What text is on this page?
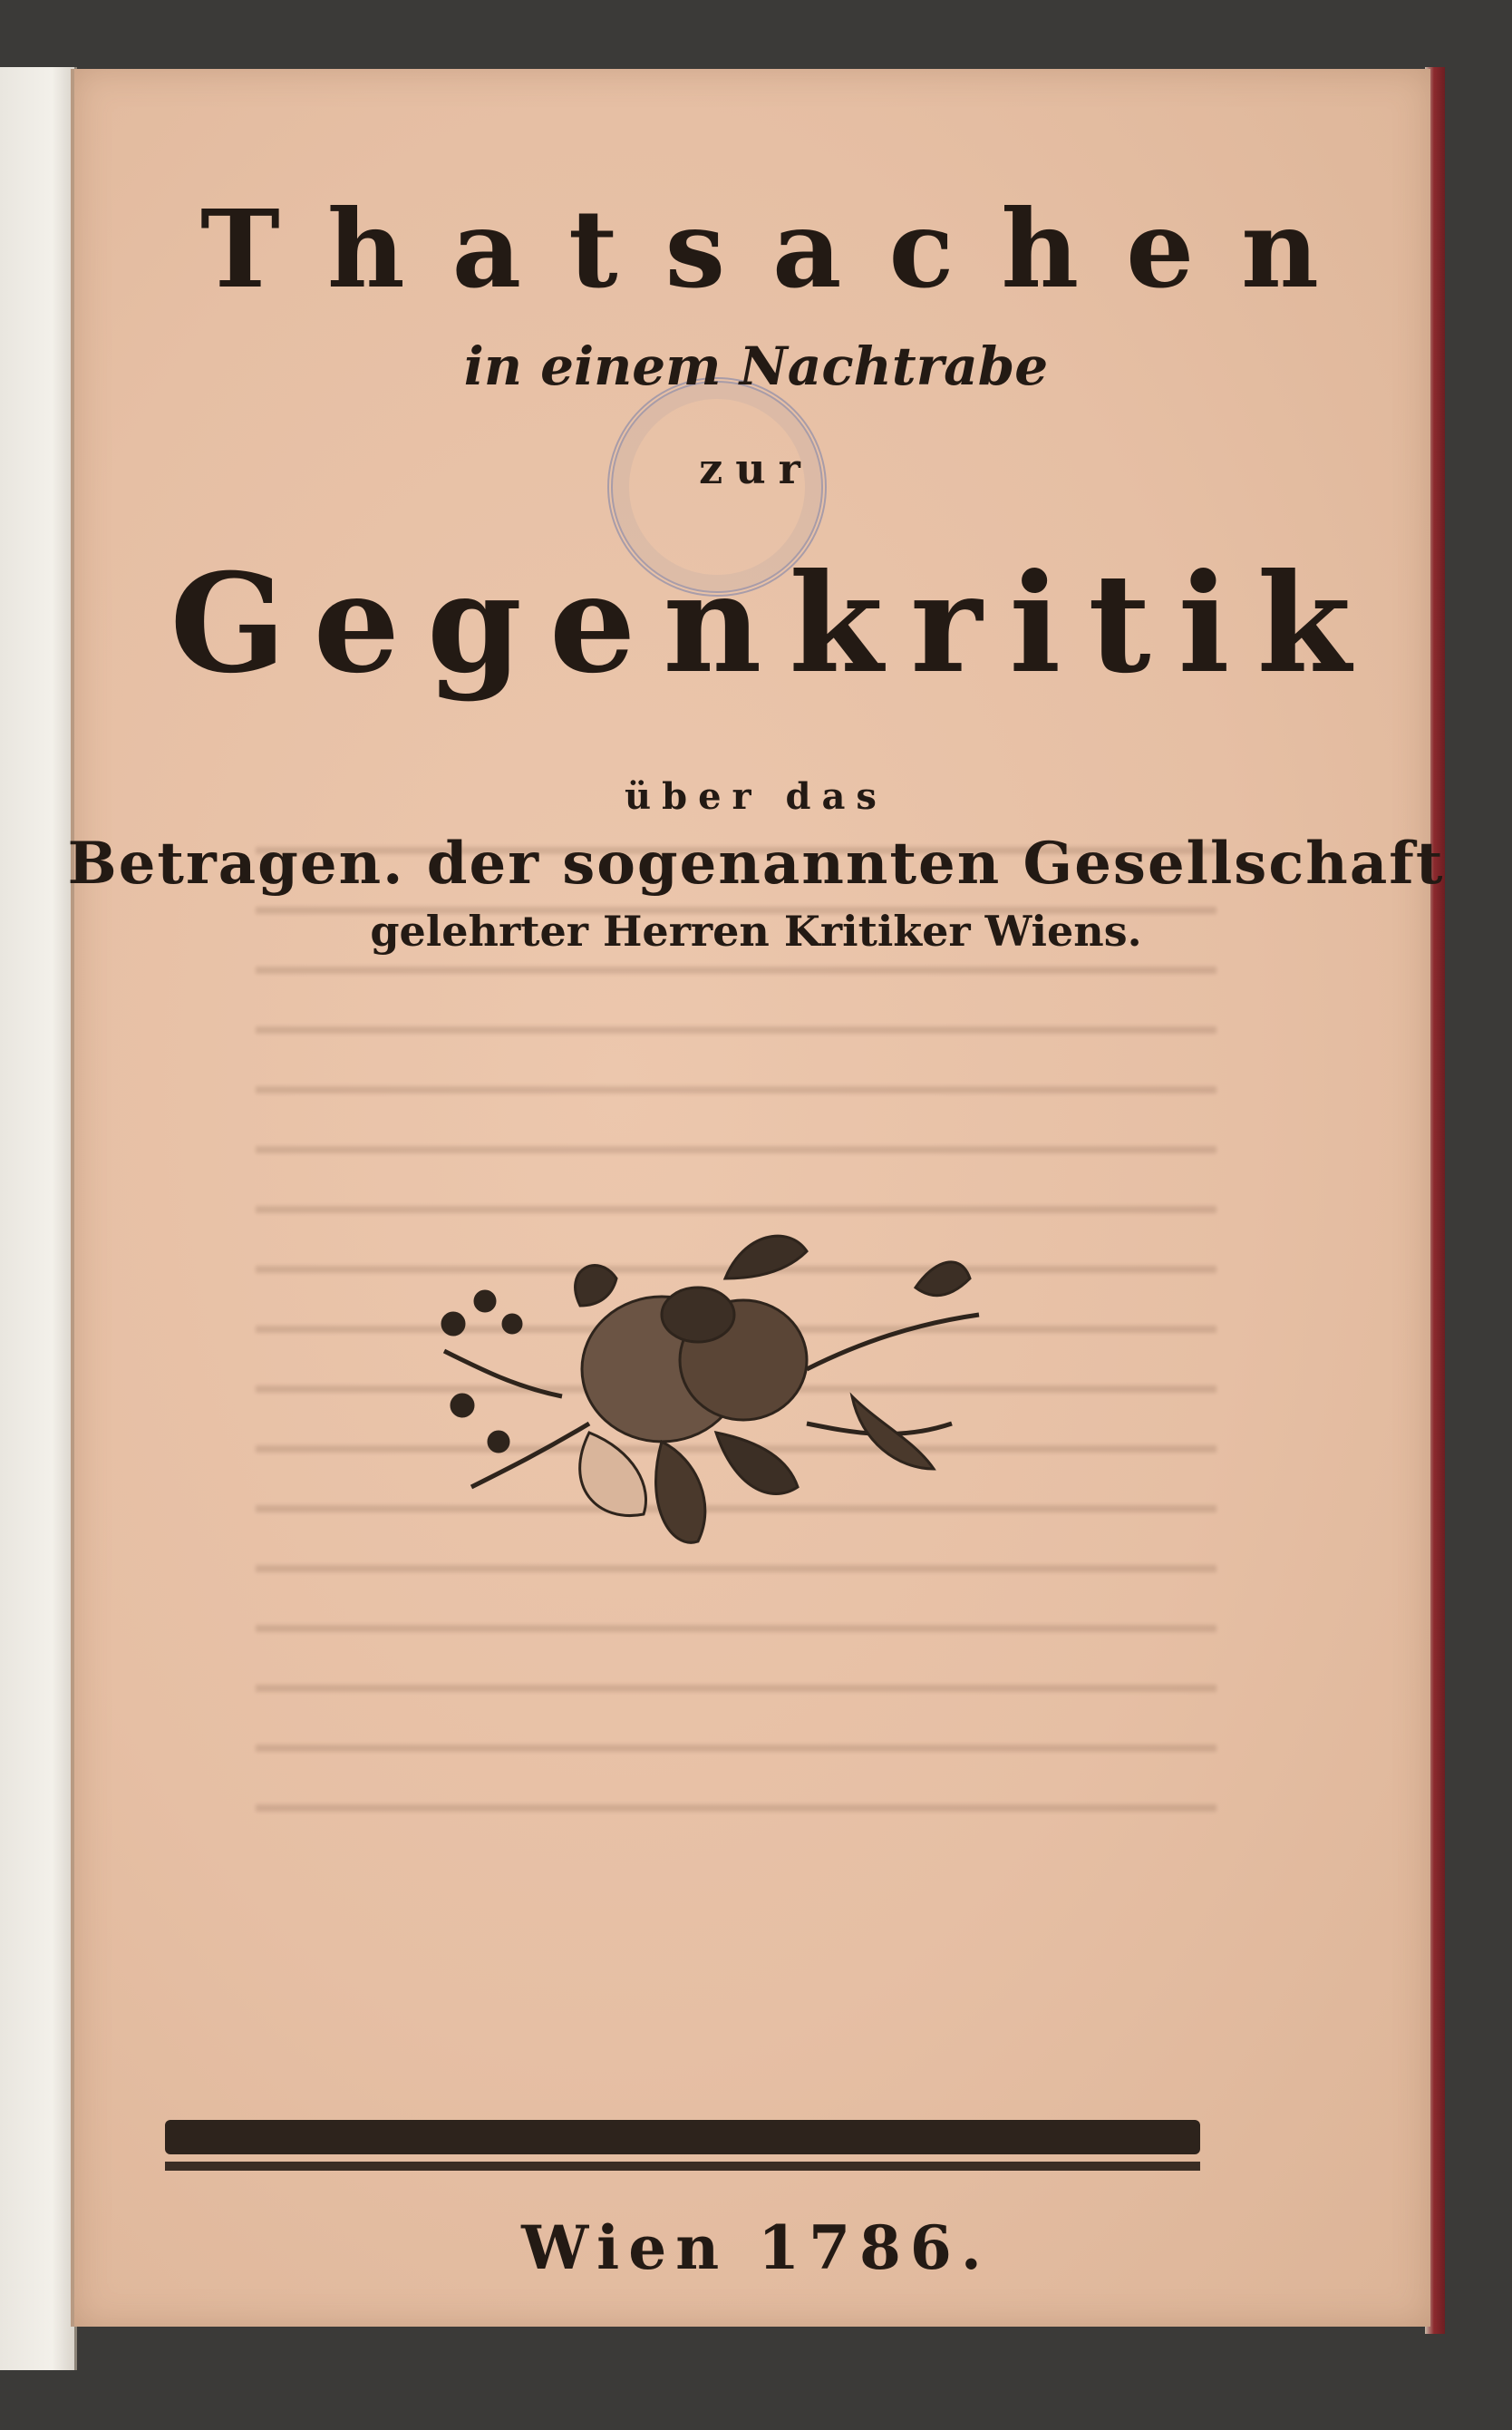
Thatsachen
in einem Nachtrabe
zur
Gegenkritik
über das
Betragen. der sogenannten Gesellschaft
gelehrter Herren Kritiker Wiens.
Wien 1786.
